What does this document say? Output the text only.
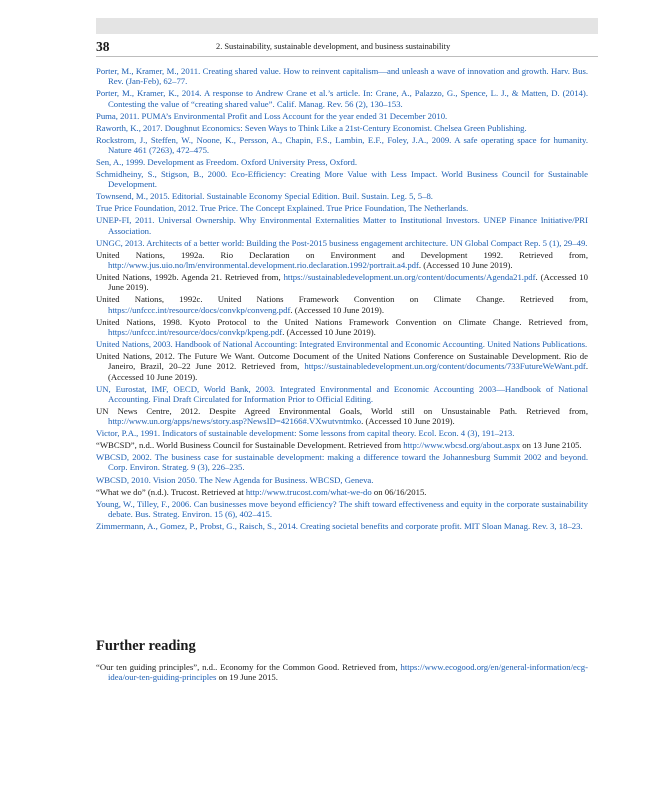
38	2. Sustainability, sustainable development, and business sustainability

Porter, M., Kramer, M., 2011. Creating shared value. How to reinvent capitalism—and unleash a wave of innovation and growth. Harv. Bus. Rev. (Jan-Feb), 62–77.

Porter, M., Kramer, K., 2014. A response to Andrew Crane et al.’s article. In: Crane, A., Palazzo, G., Spence, L. J., & Matten, D. (2014). Contesting the value of “creating shared value”. Calif. Manag. Rev. 56 (2), 130–153.

Puma, 2011. PUMA’s Environmental Profit and Loss Account for the year ended 31 December 2010.

Raworth, K., 2017. Doughnut Economics: Seven Ways to Think Like a 21st-Century Economist. Chelsea Green Publishing.

Rockstrom, J., Steffen, W., Noone, K., Persson, A., Chapin, F.S., Lambin, E.F., Foley, J.A., 2009. A safe operating space for humanity. Nature 461 (7263), 472–475.

Sen, A., 1999. Development as Freedom. Oxford University Press, Oxford.

Schmidheiny, S., Stigson, B., 2000. Eco-Efficiency: Creating More Value with Less Impact. World Business Council for Sustainable Development.

Townsend, M., 2015. Editorial. Sustainable Economy Special Edition. Buil. Sustain. Leg. 5, 5–8.

True Price Foundation, 2012. True Price. The Concept Explained. True Price Foundation, The Netherlands.

UNEP-FI, 2011. Universal Ownership. Why Environmental Externalities Matter to Institutional Investors. UNEP Finance Initiative/PRI Association.

UNGC, 2013. Architects of a better world: Building the Post-2015 business engagement architecture. UN Global Compact Rep. 5 (1), 29–49.

United Nations, 1992a. Rio Declaration on Environment and Development 1992. Retrieved from, http://www.jus.uio.no/lm/environmental.development.rio.declaration.1992/portrait.a4.pdf. (Accessed 10 June 2019).

United Nations, 1992b. Agenda 21. Retrieved from, https://sustainabledevelopment.un.org/content/documents/Agenda21.pdf. (Accessed 10 June 2019).

United Nations, 1992c. United Nations Framework Convention on Climate Change. Retrieved from, https://unfccc.int/resource/docs/convkp/conveng.pdf. (Accessed 10 June 2019).

United Nations, 1998. Kyoto Protocol to the United Nations Framework Convention on Climate Change. Retrieved from, https://unfccc.int/resource/docs/convkp/kpeng.pdf. (Accessed 10 June 2019).

United Nations, 2003. Handbook of National Accounting: Integrated Environmental and Economic Accounting. United Nations Publications.

United Nations, 2012. The Future We Want. Outcome Document of the United Nations Conference on Sustainable Development. Rio de Janeiro, Brazil, 20–22 June 2012. Retrieved from, https://sustainabledevelopment.un.org/content/documents/733FutureWeWant.pdf. (Accessed 10 June 2019).

UN, Eurostat, IMF, OECD, World Bank, 2003. Integrated Environmental and Economic Accounting 2003—Handbook of National Accounting. Final Draft Circulated for Information Prior to Official Editing.

UN News Centre, 2012. Despite Agreed Environmental Goals, World still on Unsustainable Path. Retrieved from, http://www.un.org/apps/news/story.asp?NewsID=42166#.VXwutvntmko. (Accessed 10 June 2019).

Victor, P.A., 1991. Indicators of sustainable development: Some lessons from capital theory. Ecol. Econ. 4 (3), 191–213.

“WBCSD”, n.d.. World Business Council for Sustainable Development. Retrieved from http://www.wbcsd.org/about.aspx on 13 June 2105.

WBCSD, 2002. The business case for sustainable development: making a difference toward the Johannesburg Summit 2002 and beyond. Corp. Environ. Strateg. 9 (3), 226–235.

WBCSD, 2010. Vision 2050. The New Agenda for Business. WBCSD, Geneva.

“What we do” (n.d.). Trucost. Retrieved at http://www.trucost.com/what-we-do on 06/16/2015.

Young, W., Tilley, F., 2006. Can businesses move beyond efficiency? The shift toward effectiveness and equity in the corporate sustainability debate. Bus. Strateg. Environ. 15 (6), 402–415.

Zimmermann, A., Gomez, P., Probst, G., Raisch, S., 2014. Creating societal benefits and corporate profit. MIT Sloan Manag. Rev. 3, 18–23.

Further reading

“Our ten guiding principles”, n.d.. Economy for the Common Good. Retrieved from, https://www.ecogood.org/en/general-information/ecg-idea/our-ten-guiding-principles on 19 June 2015.
